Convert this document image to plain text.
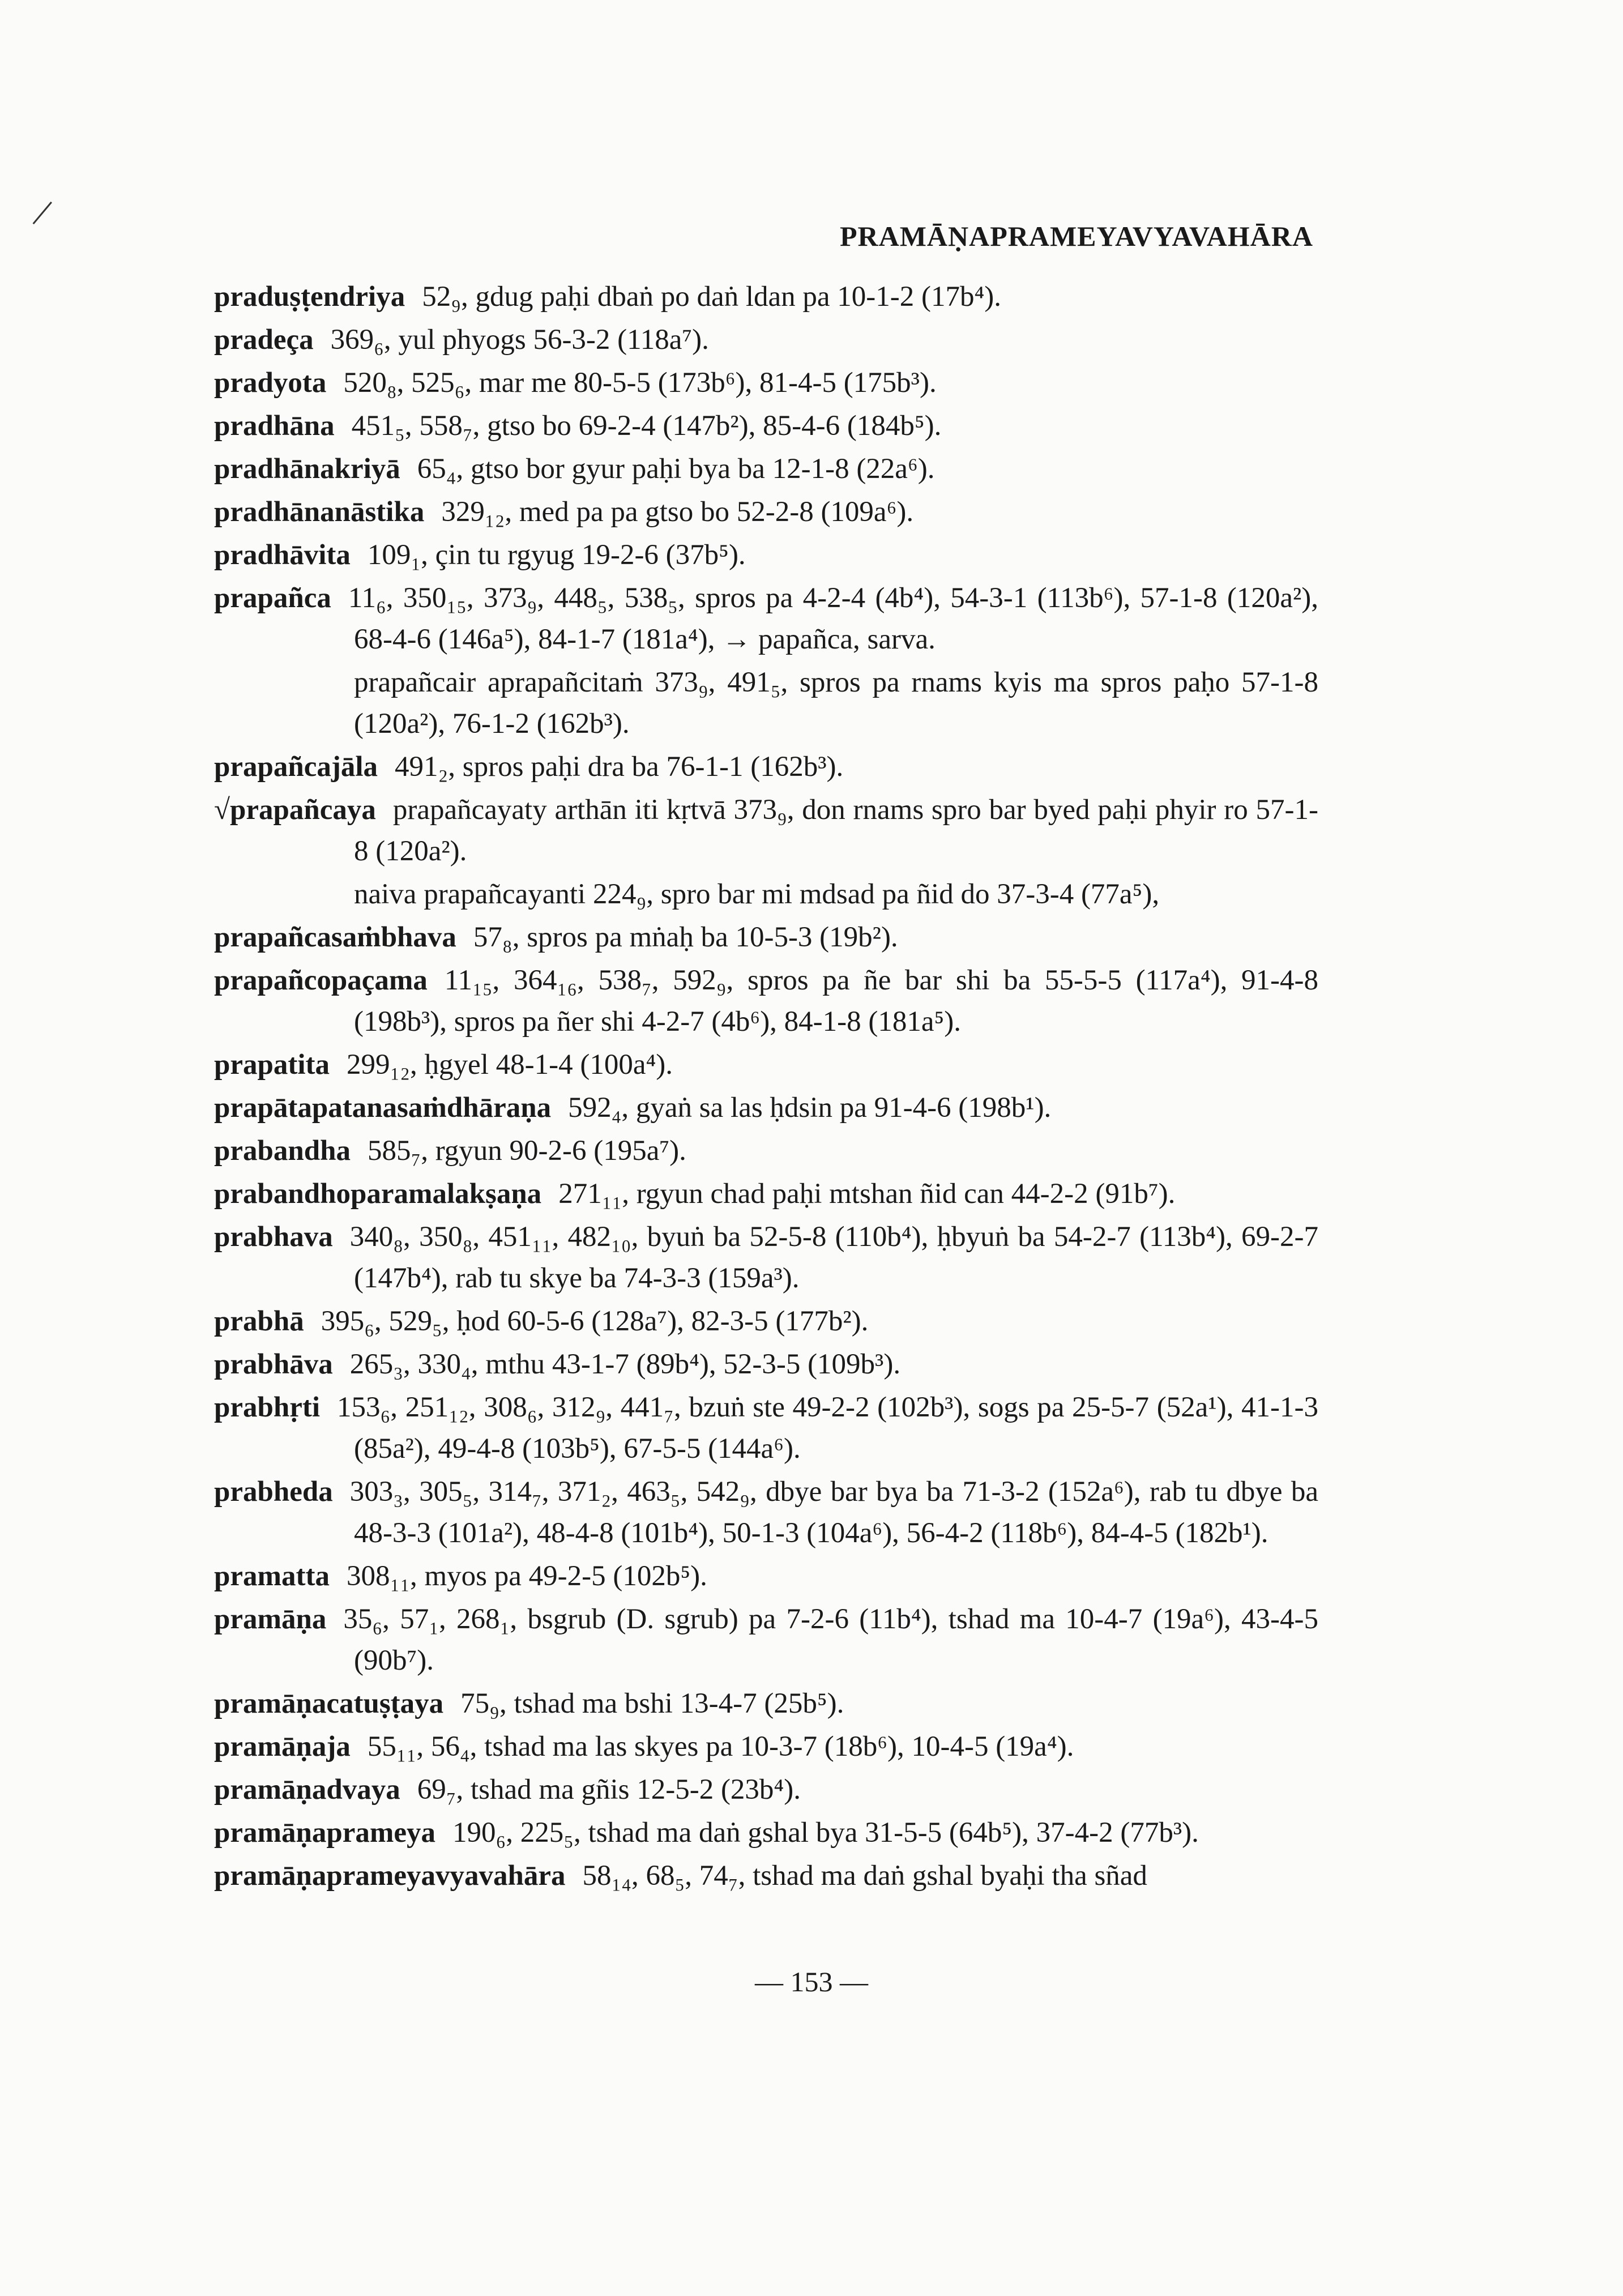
PRAMĀṆAPRAMEYAVYAVAHĀRA
praduṣṭendriya 52₉, gdug paḥi dbaṅ po daṅ ldan pa 10-1-2 (17b⁴).
pradeça 369₆, yul phyogs 56-3-2 (118a⁷).
pradyota 520₈, 525₆, mar me 80-5-5 (173b⁶), 81-4-5 (175b³).
pradhāna 451₅, 558₇, gtso bo 69-2-4 (147b²), 85-4-6 (184b⁵).
pradhānakriyā 65₄, gtso bor gyur paḥi bya ba 12-1-8 (22a⁶).
pradhānanāstika 329₁₂, med pa pa gtso bo 52-2-8 (109a⁶).
pradhāvita 109₁, çin tu rgyug 19-2-6 (37b⁵).
prapañca 11₆, 350₁₅, 373₉, 448₅, 538₅, spros pa 4-2-4 (4b⁴), 54-3-1 (113b⁶), 57-1-8 (120a²), 68-4-6 (146a⁵), 84-1-7 (181a⁴), → papañca, sarva.
prapañcair aprapañcitaṁ 373₉, 491₅, spros pa rnams kyis ma spros paḥo 57-1-8 (120a²), 76-1-2 (162b³).
prapañcajāla 491₂, spros paḥi dra ba 76-1-1 (162b³).
√prapañcaya prapañcayaty arthān iti kṛtvā 373₉, don rnams spro bar byed paḥi phyir ro 57-1-8 (120a²).
naiva prapañcayanti 224₉, spro bar mi mdsad pa ñid do 37-3-4 (77a⁵),
prapañcasaṁbhava 57₈, spros pa mṅaḥ ba 10-5-3 (19b²).
prapañcopaçama 11₁₅, 364₁₆, 538₇, 592₉, spros pa ñe bar shi ba 55-5-5 (117a⁴), 91-4-8 (198b³), spros pa ñer shi 4-2-7 (4b⁶), 84-1-8 (181a⁵).
prapatita 299₁₂, ḥgyel 48-1-4 (100a⁴).
prapātapatanasaṁdhāraṇa 592₄, gyaṅ sa las ḥdsin pa 91-4-6 (198b¹).
prabandha 585₇, rgyun 90-2-6 (195a⁷).
prabandhoparamalakṣaṇa 271₁₁, rgyun chad paḥi mtshan ñid can 44-2-2 (91b⁷).
prabhava 340₈, 350₈, 451₁₁, 482₁₀, byuṅ ba 52-5-8 (110b⁴), ḥbyuṅ ba 54-2-7 (113b⁴), 69-2-7 (147b⁴), rab tu skye ba 74-3-3 (159a³).
prabhā 395₆, 529₅, ḥod 60-5-6 (128a⁷), 82-3-5 (177b²).
prabhāva 265₃, 330₄, mthu 43-1-7 (89b⁴), 52-3-5 (109b³).
prabhṛti 153₆, 251₁₂, 308₆, 312₉, 441₇, bzuṅ ste 49-2-2 (102b³), sogs pa 25-5-7 (52a¹), 41-1-3 (85a²), 49-4-8 (103b⁵), 67-5-5 (144a⁶).
prabheda 303₃, 305₅, 314₇, 371₂, 463₅, 542₉, dbye bar bya ba 71-3-2 (152a⁶), rab tu dbye ba 48-3-3 (101a²), 48-4-8 (101b⁴), 50-1-3 (104a⁶), 56-4-2 (118b⁶), 84-4-5 (182b¹).
pramatta 308₁₁, myos pa 49-2-5 (102b⁵).
pramāṇa 35₆, 57₁, 268₁, bsgrub (D. sgrub) pa 7-2-6 (11b⁴), tshad ma 10-4-7 (19a⁶), 43-4-5 (90b⁷).
pramāṇacatuṣṭaya 75₉, tshad ma bshi 13-4-7 (25b⁵).
pramāṇaja 55₁₁, 56₄, tshad ma las skyes pa 10-3-7 (18b⁶), 10-4-5 (19a⁴).
pramāṇadvaya 69₇, tshad ma gñis 12-5-2 (23b⁴).
pramāṇaprameya 190₆, 225₅, tshad ma daṅ gshal bya 31-5-5 (64b⁵), 37-4-2 (77b³).
pramāṇaprameyavyavahāra 58₁₄, 68₅, 74₇, tshad ma daṅ gshal byaḥi tha sñad
— 153 —
